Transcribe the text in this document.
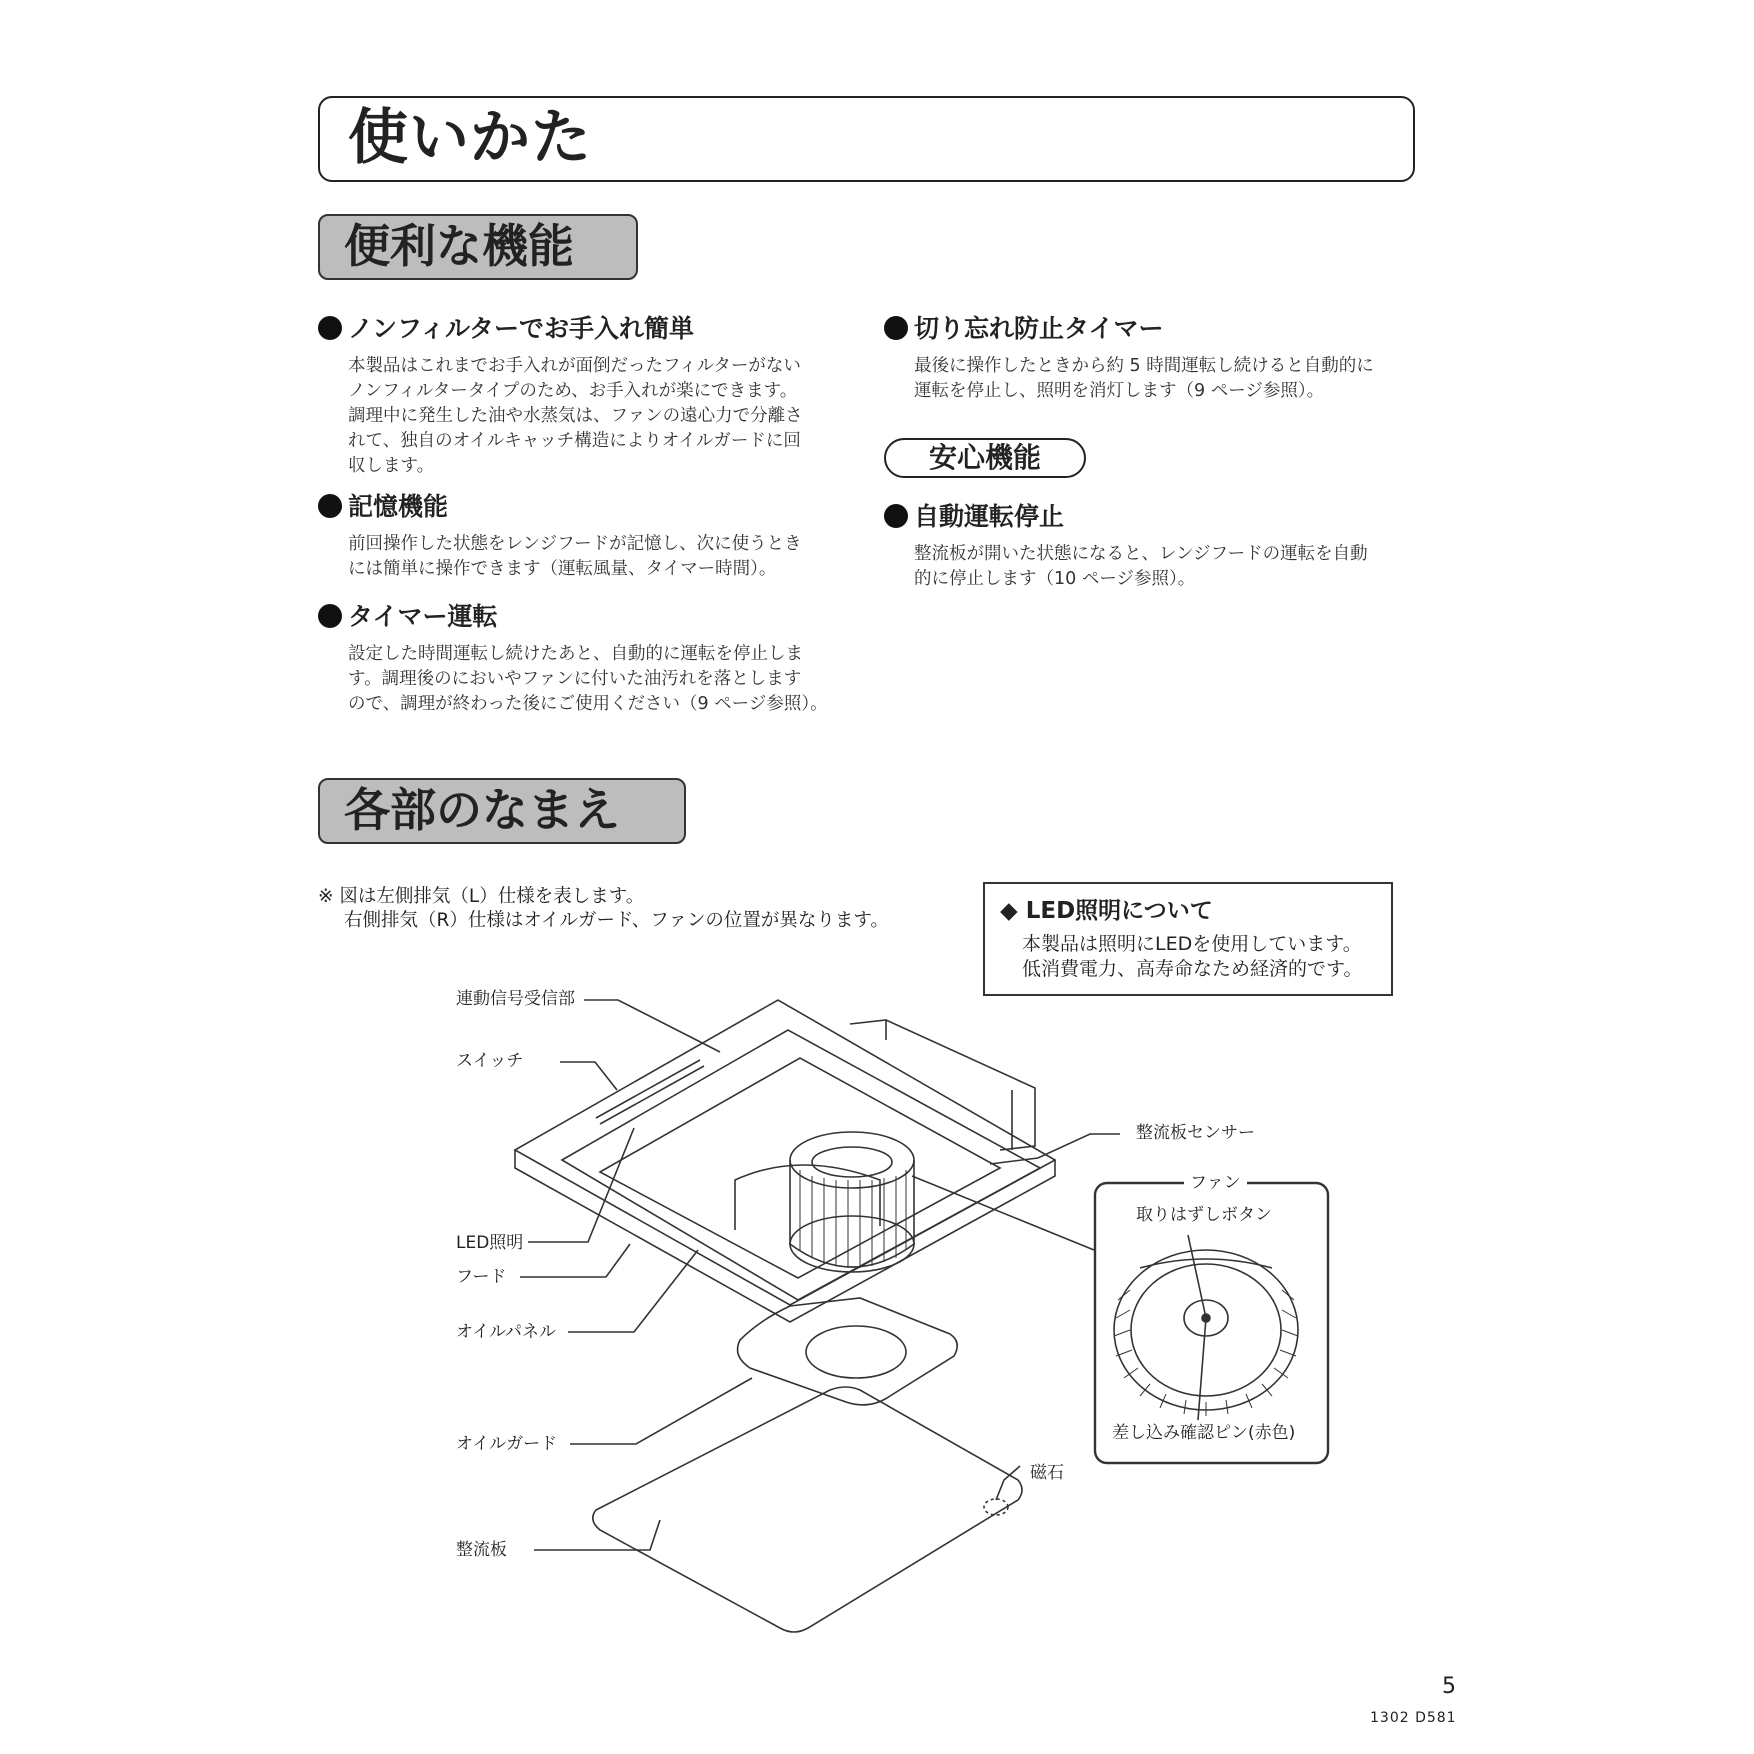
使いかた
便利な機能
ノンフィルターでお手入れ簡単
本製品はこれまでお手入れが面倒だったフィルターがない
ノンフィルタータイプのため、お手入れが楽にできます。
調理中に発生した油や水蒸気は、ファンの遠心力で分離さ
れて、独自のオイルキャッチ構造によりオイルガードに回
収します。
記憶機能
前回操作した状態をレンジフードが記憶し、次に使うとき
には簡単に操作できます（運転風量、タイマー時間）。
タイマー運転
設定した時間運転し続けたあと、自動的に運転を停止しま
す。調理後のにおいやファンに付いた油汚れを落とします
ので、調理が終わった後にご使用ください（9 ページ参照）。
切り忘れ防止タイマー
最後に操作したときから約 5 時間運転し続けると自動的に
運転を停止し、照明を消灯します（9 ページ参照）。
安心機能
自動運転停止
整流板が開いた状態になると、レンジフードの運転を自動
的に停止します（10 ページ参照）。
各部のなまえ
※ 図は左側排気（L）仕様を表します。
右側排気（R）仕様はオイルガード、ファンの位置が異なります。	◆ LED照明について
本製品は照明にLEDを使用しています。
低消費電力、高寿命なため経済的です。
連動信号受信部
スイッチ
整流板センサー
LED照明
フード
オイルパネル
オイルガード
整流板
磁石
ファン
取りはずしボタン
差し込み確認ピン(赤色)
5
1302 D581
